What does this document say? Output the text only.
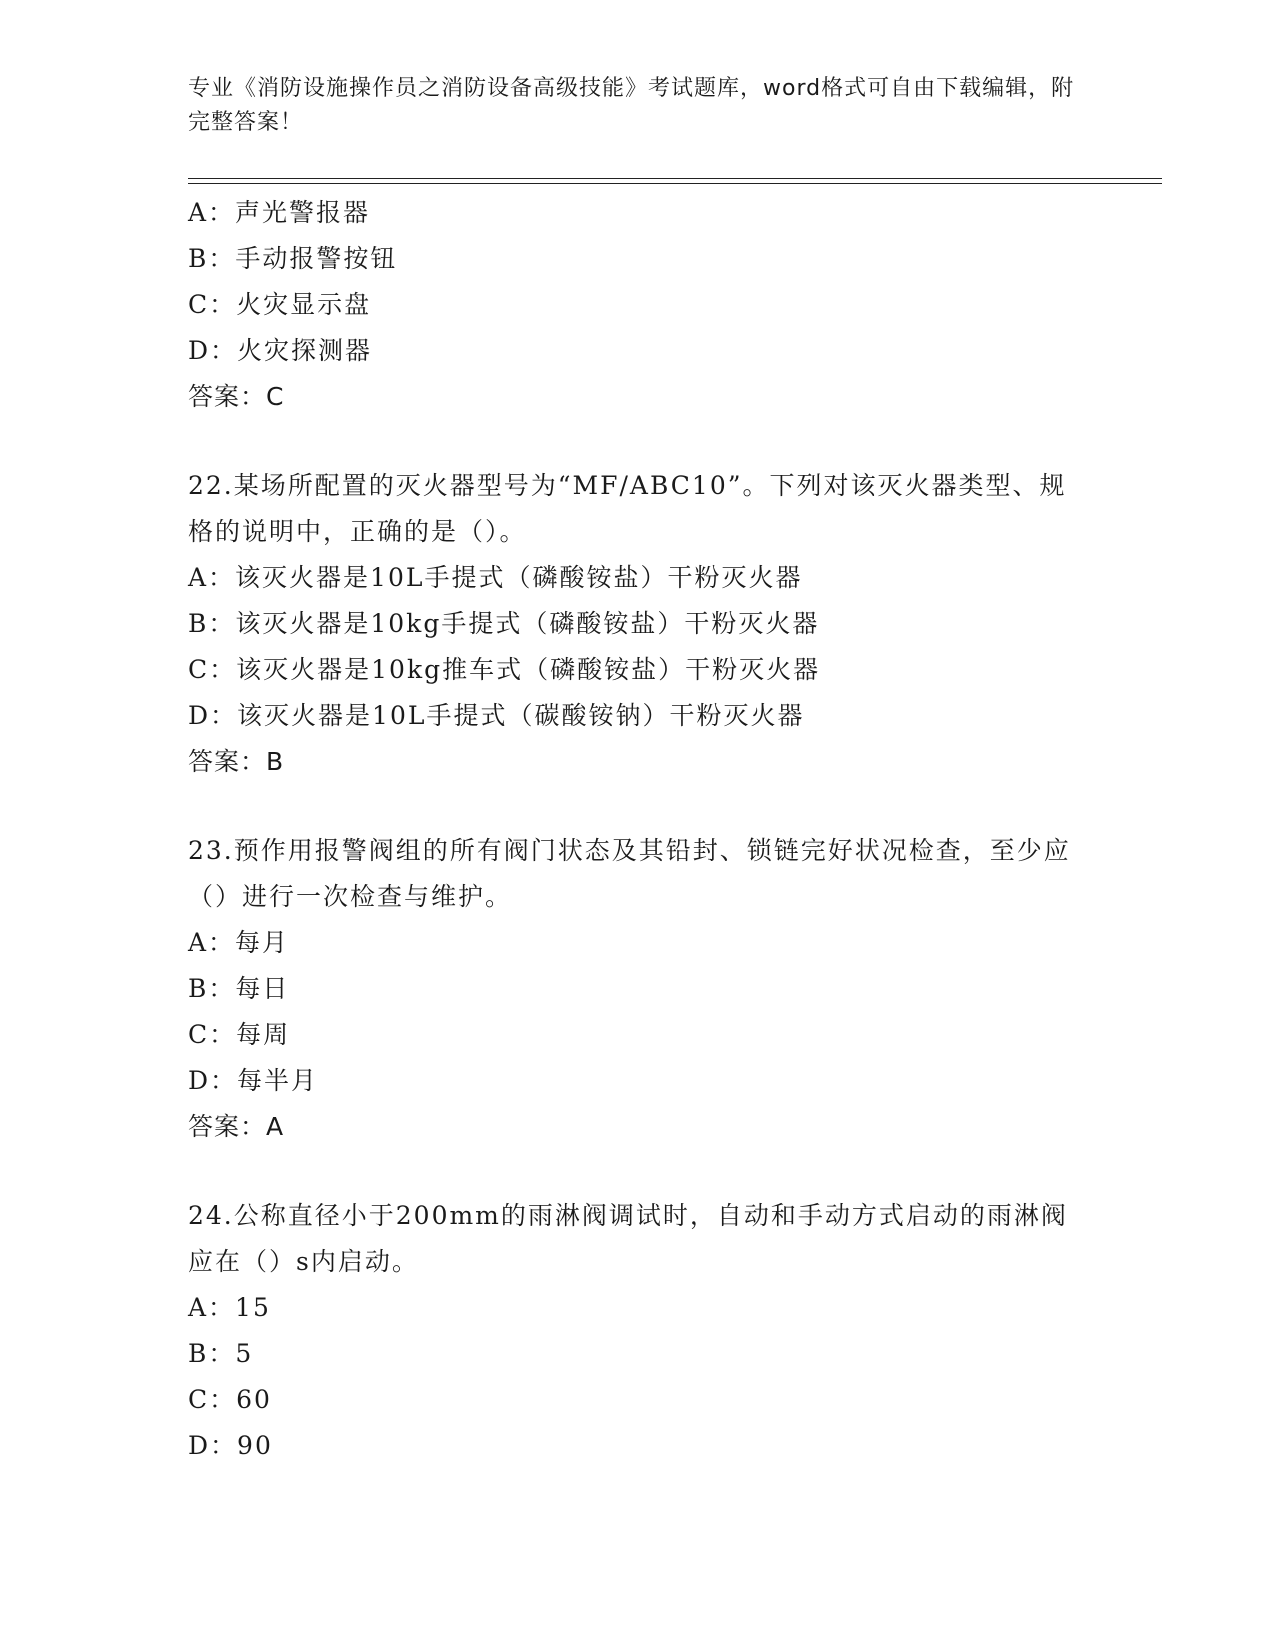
专业《消防设施操作员之消防设备高级技能》考试题库，word格式可自由下载编辑，附完整答案！

A：声光警报器

B：手动报警按钮

C：火灾显示盘

D：火灾探测器

答案：C

22.某场所配置的灭火器型号为“MF/ABC10”。下列对该灭火器类型、规格的说明中，正确的是（）。

A：该灭火器是10L手提式（磷酸铵盐）干粉灭火器

B：该灭火器是10kg手提式（磷酸铵盐）干粉灭火器

C：该灭火器是10kg推车式（磷酸铵盐）干粉灭火器

D：该灭火器是10L手提式（碳酸铵钠）干粉灭火器

答案：B

23.预作用报警阀组的所有阀门状态及其铅封、锁链完好状况检查，至少应（）进行一次检查与维护。

A：每月

B：每日

C：每周

D：每半月

答案：A

24.公称直径小于200mm的雨淋阀调试时，自动和手动方式启动的雨淋阀应在（）s内启动。

A：15

B：5

C：60

D：90
